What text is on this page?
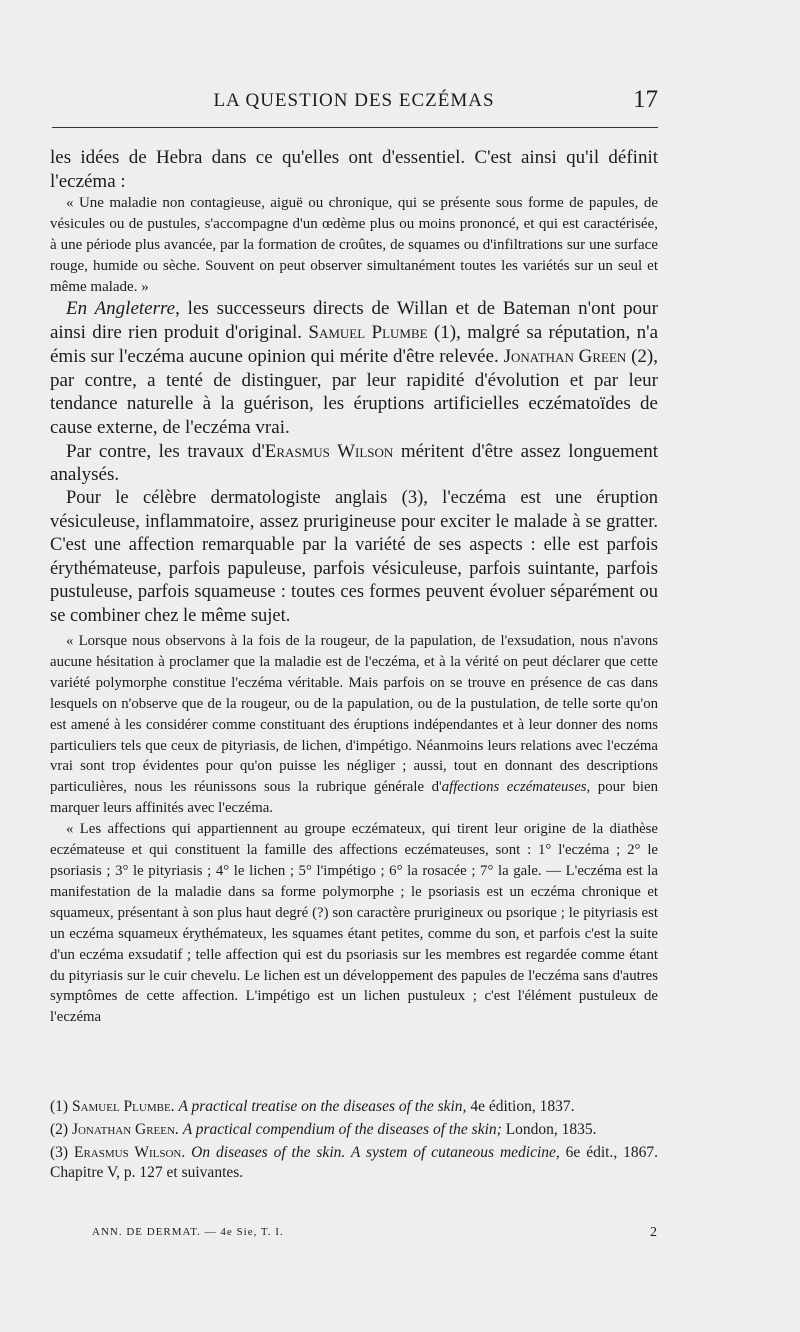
LA QUESTION DES ECZÉMAS	17

les idées de Hebra dans ce qu'elles ont d'essentiel. C'est ainsi qu'il définit l'eczéma :

« Une maladie non contagieuse, aiguë ou chronique, qui se présente sous forme de papules, de vésicules ou de pustules, s'accompagne d'un œdème plus ou moins prononcé, et qui est caractérisée, à une période plus avancée, par la formation de croûtes, de squames ou d'infiltrations sur une surface rouge, humide ou sèche. Souvent on peut observer simultanément toutes les variétés sur un seul et même malade. »

En Angleterre, les successeurs directs de Willan et de Bateman n'ont pour ainsi dire rien produit d'original. Samuel Plumbe (1), malgré sa réputation, n'a émis sur l'eczéma aucune opinion qui mérite d'être relevée. Jonathan Green (2), par contre, a tenté de distinguer, par leur rapidité d'évolution et par leur tendance naturelle à la guérison, les éruptions artificielles eczématoïdes de cause externe, de l'eczéma vrai.

Par contre, les travaux d'Erasmus Wilson méritent d'être assez longuement analysés.

Pour le célèbre dermatologiste anglais (3), l'eczéma est une éruption vésiculeuse, inflammatoire, assez prurigineuse pour exciter le malade à se gratter. C'est une affection remarquable par la variété de ses aspects : elle est parfois érythémateuse, parfois papuleuse, parfois vésiculeuse, parfois suintante, parfois pustuleuse, parfois squameuse : toutes ces formes peuvent évoluer séparément ou se combiner chez le même sujet.

« Lorsque nous observons à la fois de la rougeur, de la papulation, de l'exsudation, nous n'avons aucune hésitation à proclamer que la maladie est de l'eczéma, et à la vérité on peut déclarer que cette variété polymorphe constitue l'eczéma véritable. Mais parfois on se trouve en présence de cas dans lesquels on n'observe que de la rougeur, ou de la papulation, ou de la pustulation, de telle sorte qu'on est amené à les considérer comme constituant des éruptions indépendantes et à leur donner des noms particuliers tels que ceux de pityriasis, de lichen, d'impétigo. Néanmoins leurs relations avec l'eczéma vrai sont trop évidentes pour qu'on puisse les négliger ; aussi, tout en donnant des descriptions particulières, nous les réunissons sous la rubrique générale d'affections eczémateuses, pour bien marquer leurs affinités avec l'eczéma.

« Les affections qui appartiennent au groupe eczémateux, qui tirent leur origine de la diathèse eczémateuse et qui constituent la famille des affections eczémateuses, sont : 1° l'eczéma ; 2° le psoriasis ; 3° le pityriasis ; 4° le lichen ; 5° l'impétigo ; 6° la rosacée ; 7° la gale. — L'eczéma est la manifestation de la maladie dans sa forme polymorphe ; le psoriasis est un eczéma chronique et squameux, présentant à son plus haut degré (?) son caractère prurigineux ou psorique ; le pityriasis est un eczéma squameux érythémateux, les squames étant petites, comme du son, et parfois c'est la suite d'un eczéma exsudatif ; telle affection qui est du psoriasis sur les membres est regardée comme étant du pityriasis sur le cuir chevelu. Le lichen est un développement des papules de l'eczéma sans d'autres symptômes de cette affection. L'impétigo est un lichen pustuleux ; c'est l'élément pustuleux de l'eczéma

(1) Samuel Plumbe. A practical treatise on the diseases of the skin, 4e édition, 1837.

(2) Jonathan Green. A practical compendium of the diseases of the skin; London, 1835.

(3) Erasmus Wilson. On diseases of the skin. A system of cutaneous medicine, 6e édit., 1867. Chapitre V, p. 127 et suivantes.

ANN. DE DERMAT. — 4e Sie, T. I.	2
